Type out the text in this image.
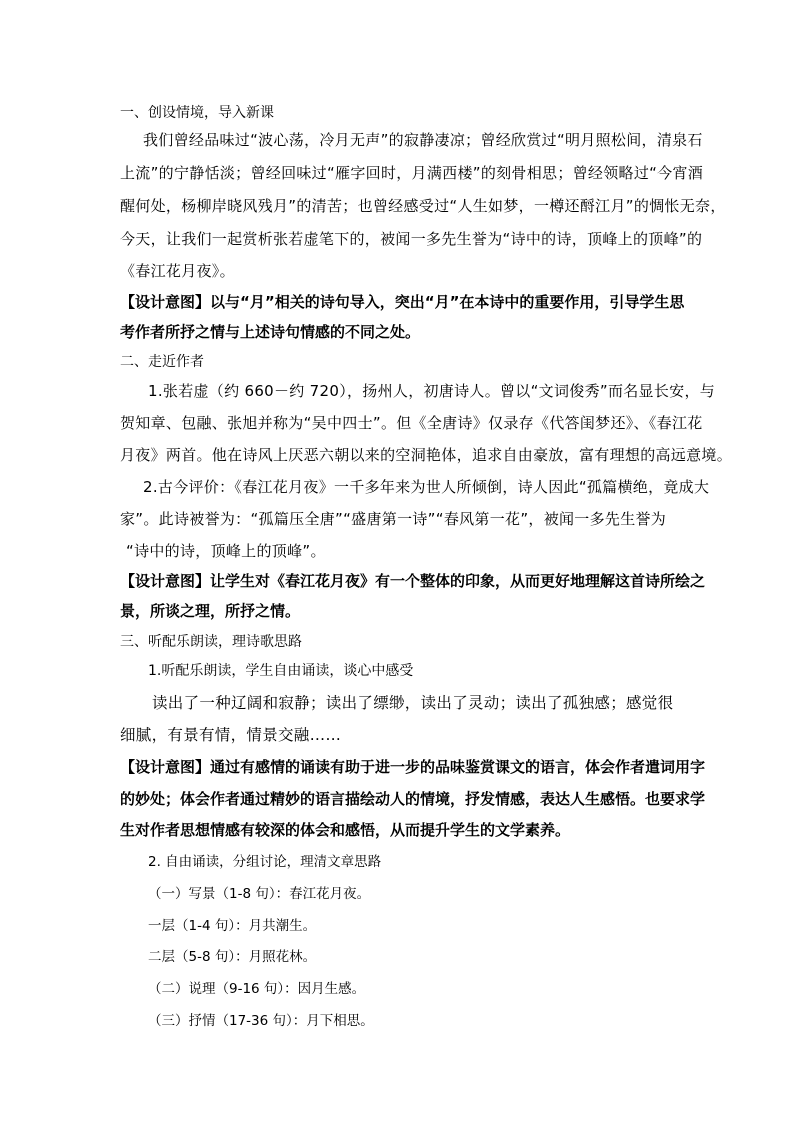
一、创设情境，导入新课
我们曾经品味过“波心荡，冷月无声”的寂静凄凉；曾经欣赏过“明月照松间，清泉石
上流”的宁静恬淡；曾经回味过“雁字回时，月满西楼”的刻骨相思；曾经领略过“今宵酒
醒何处，杨柳岸晓风残月”的清苦；也曾经感受过“人生如梦，一樽还酹江月”的惆怅无奈，
今天，让我们一起赏析张若虚笔下的，被闻一多先生誉为“诗中的诗，顶峰上的顶峰”的
《春江花月夜》。
【设计意图】以与“月”相关的诗句导入，突出“月”在本诗中的重要作用，引导学生思
考作者所抒之情与上述诗句情感的不同之处。
二、走近作者
1.张若虚（约 660－约 720），扬州人，初唐诗人。曾以“文词俊秀”而名显长安，与
贺知章、包融、张旭并称为“吴中四士”。但《全唐诗》仅录存《代答闺梦还》、《春江花
月夜》两首。他在诗风上厌恶六朝以来的空洞艳体，追求自由豪放，富有理想的高远意境。
2.古今评价：《春江花月夜》一千多年来为世人所倾倒，诗人因此“孤篇横绝，竟成大
家”。此诗被誉为：“孤篇压全唐”“盛唐第一诗”“春风第一花”，被闻一多先生誉为
“诗中的诗，顶峰上的顶峰”。
【设计意图】让学生对《春江花月夜》有一个整体的印象，从而更好地理解这首诗所绘之
景，所谈之理，所抒之情。
三、听配乐朗读，理诗歌思路
1.听配乐朗读，学生自由诵读，谈心中感受
读出了一种辽阔和寂静；读出了缥缈，读出了灵动；读出了孤独感；感觉很
细腻，有景有情，情景交融……
【设计意图】通过有感情的诵读有助于进一步的品味鉴赏课文的语言，体会作者遣词用字
的妙处；体会作者通过精妙的语言描绘动人的情境，抒发情感，表达人生感悟。也要求学
生对作者思想情感有较深的体会和感悟，从而提升学生的文学素养。
2. 自由诵读，分组讨论，理清文章思路
（一）写景（1-8 句）：春江花月夜。
一层（1-4 句）：月共潮生。
二层（5-8 句）：月照花林。
（二）说理（9-16 句）：因月生感。
（三）抒情（17-36 句）：月下相思。
